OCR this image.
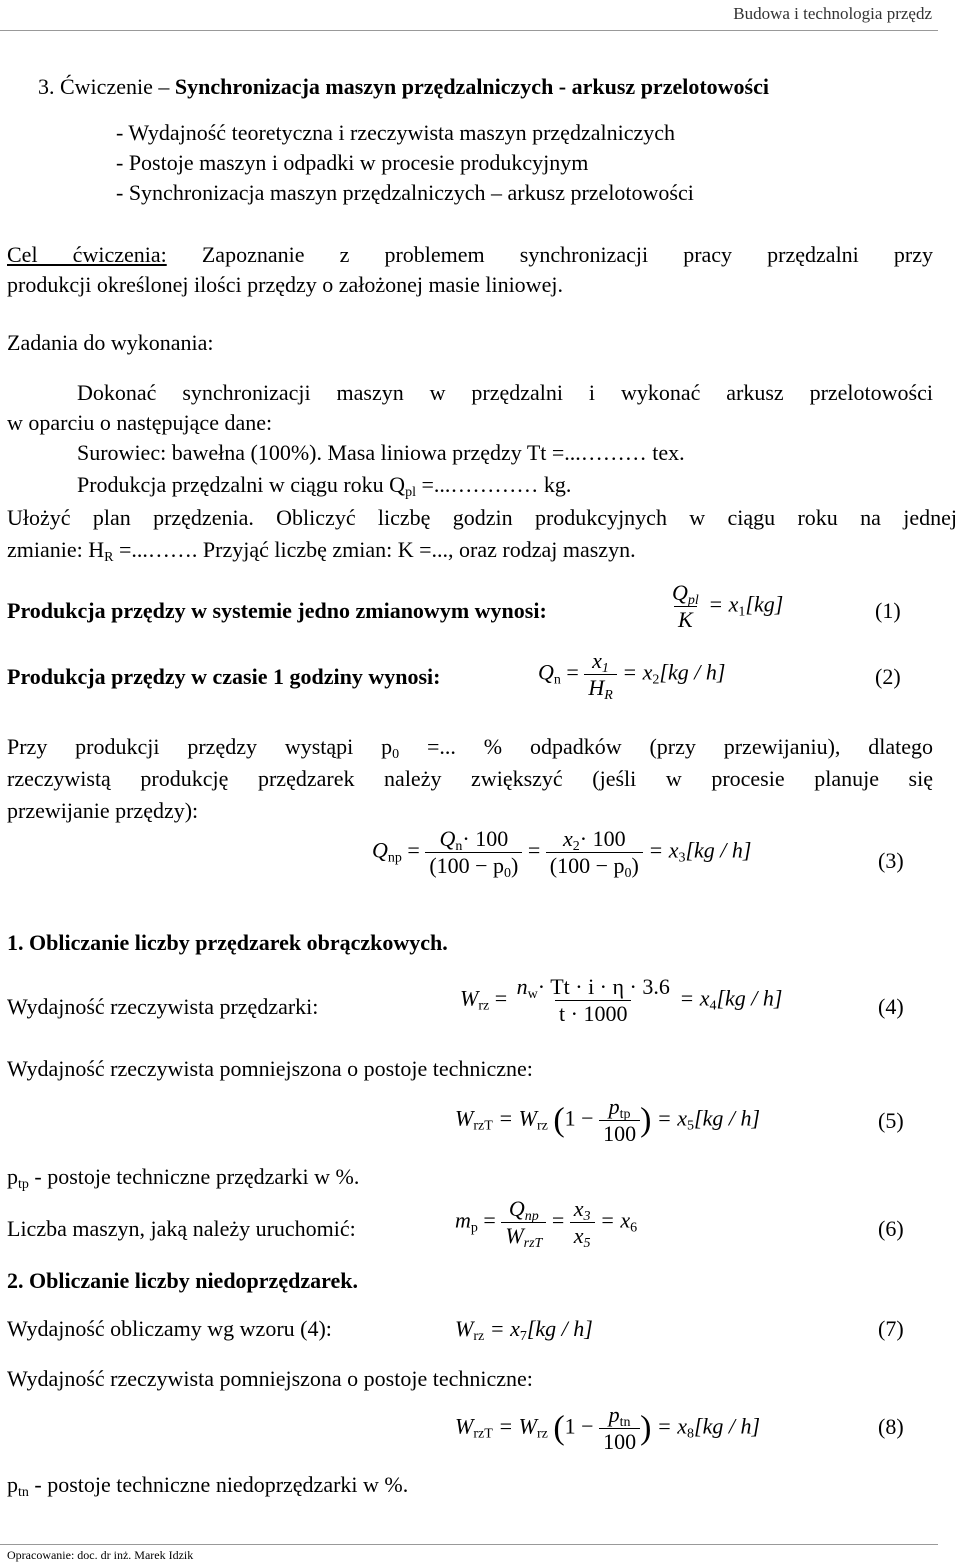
Budowa i technologia przędz
3. Ćwiczenie – Synchronizacja maszyn przędzalniczych - arkusz przelotowości
- Wydajność teoretyczna i rzeczywista maszyn przędzalniczych
- Postoje maszyn i odpadki w procesie produkcyjnym
- Synchronizacja maszyn przędzalniczych – arkusz przelotowości
Cel ćwiczenia: Zapoznanie z problemem synchronizacji pracy przędzalni przy
produkcji określonej ilości przędzy o założonej masie liniowej.
Zadania do wykonania:
Dokonać synchronizacji maszyn w przędzalni i wykonać arkusz przelotowości
w oparciu o następujące dane:
Surowiec: bawełna (100%). Masa liniowa przędzy Tt =...……… tex.
Produkcja przędzalni w ciągu roku $Q_{pl}$ =...………… kg.
Ułożyć plan przędzenia. Obliczyć liczbę godzin produkcyjnych w ciągu roku na jednej
zmianie: $H_R$ =...……. Przyjąć liczbę zmian: K =..., oraz rodzaj maszyn.
Produkcja przędzy w systemie jedno zmianowym wynosi:	$\frac{Q_{pl}}{K} = x_1[kg]$	(1)
Produkcja przędzy w czasie 1 godziny wynosi:	$Q_n = \frac{x_1}{H_R} = x_2[kg / h]$	(2)
Przy produkcji przędzy wystąpi $p_0$ =... % odpadków (przy przewijaniu), dlatego
rzeczywistą produkcję przędzarek należy zwiększyć (jeśli w procesie planuje się
przewijanie przędzy):
$Q_{np} = \frac{Q_n\cdot 100}{(100 - p_0)} = \frac{x_2\cdot 100}{(100 - p_0)} = x_3[kg / h]$	(3)
1. Obliczanie liczby przędzarek obrączkowych.
Wydajność rzeczywista przędzarki:	$W_{rz} = \frac{n_w\cdot Tt \cdot i \cdot \eta \cdot 3.6}{t \cdot 1000} = x_4[kg / h]$	(4)
Wydajność rzeczywista pomniejszona o postoje techniczne:
$W_{rzT} = W_{rz}$ ($1 - \frac{p_{tp}}{100}$ ) = $x_5[kg / h]$	(5)
$p_{tp}$ - postoje techniczne przędzarki w %.
Liczba maszyn, jaką należy uruchomić:	$m_p = \frac{Q_{np}}{W_{rzT}} = \frac{x_3}{x_5} = x_6$	(6)
2. Obliczanie liczby niedoprzędzarek.
Wydajność obliczamy wg wzoru (4):	$W_{rz} = x_7[kg / h]$	(7)
Wydajność rzeczywista pomniejszona o postoje techniczne:
$W_{rzT} = W_{rz}$ ($1 - \frac{p_{tn}}{100}$ ) = $x_8[kg / h]$	(8)
$p_{tn}$ - postoje techniczne niedoprzędzarki w %.
Opracowanie: doc. dr inż. Marek Idzik
